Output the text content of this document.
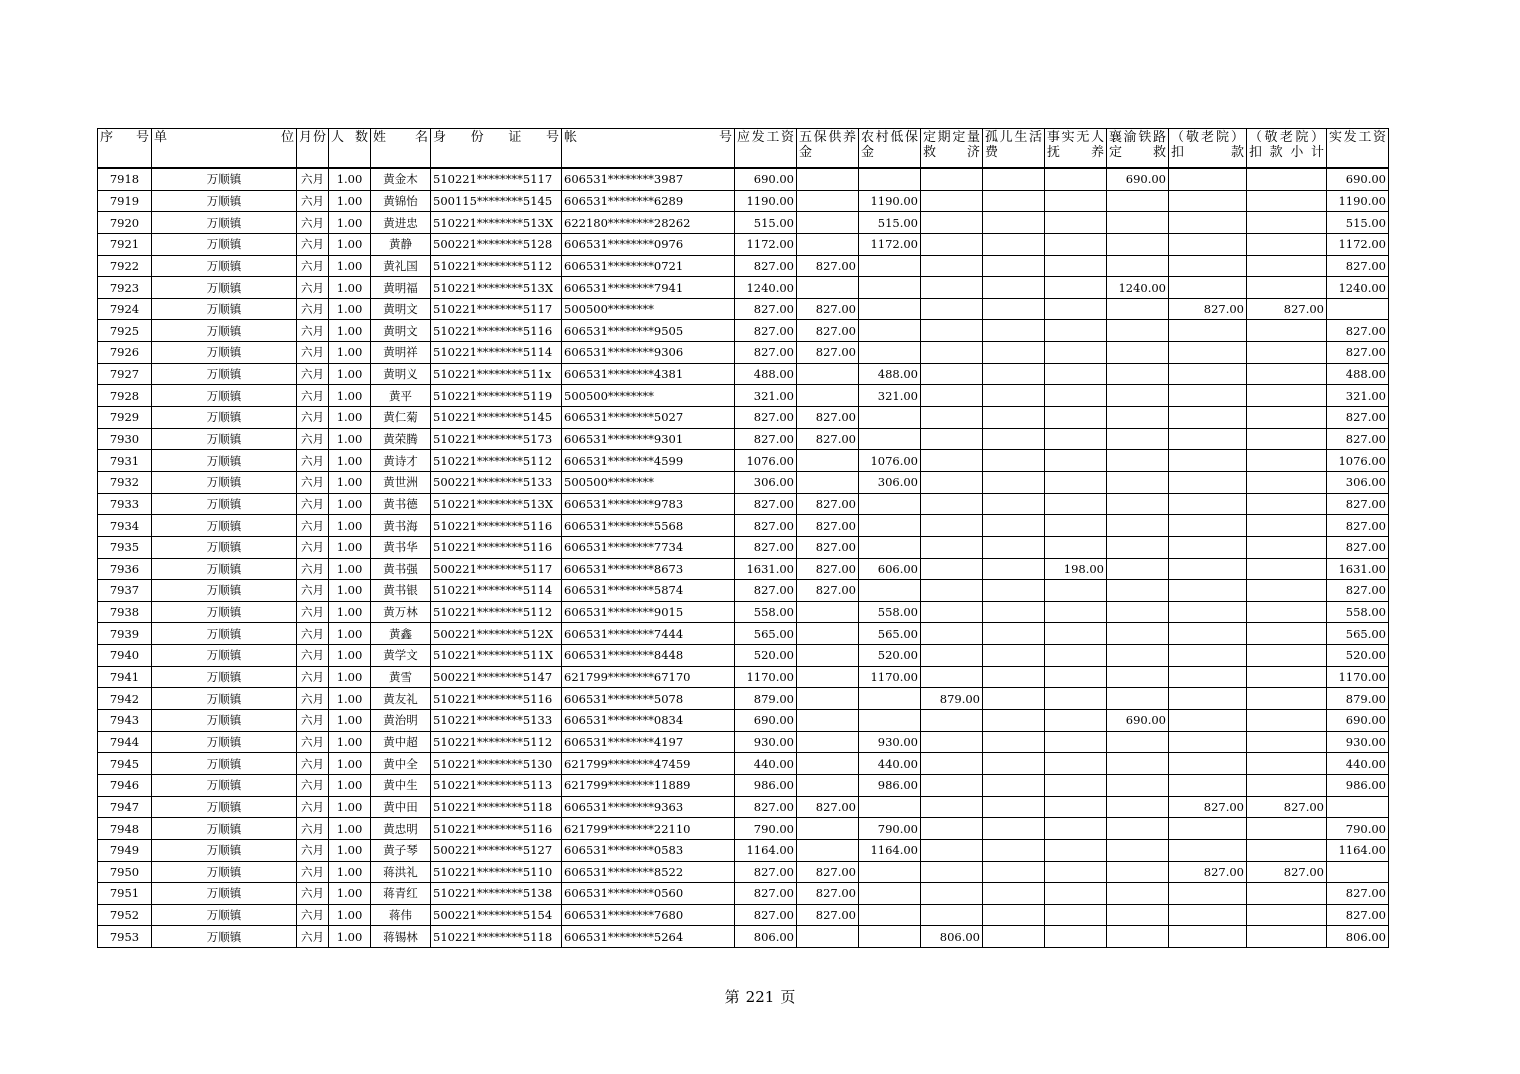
序　号	单　　位	月份	人数	姓　名	身　份　证　号	帐　　号	应发工资	五保供养金	农村低保金	定期定量救济	孤儿生活费	事实无人抚养	襄渝铁路定救	（敬老院）扣款	（敬老院）扣款小计	实发工资
7918	万顺镇	六月	1.00	黄金木	510221********5117	606531********3987	690.00						690.00			690.00
7919	万顺镇	六月	1.00	黄锦怡	500115********5145	606531********6289	1190.00		1190.00							1190.00
7920	万顺镇	六月	1.00	黄进忠	510221********513X	622180********28262	515.00		515.00							515.00
7921	万顺镇	六月	1.00	黄静	500221********5128	606531********0976	1172.00		1172.00							1172.00
7922	万顺镇	六月	1.00	黄礼国	510221********5112	606531********0721	827.00	827.00								827.00
7923	万顺镇	六月	1.00	黄明福	510221********513X	606531********7941	1240.00						1240.00			1240.00
7924	万顺镇	六月	1.00	黄明文	510221********5117	500500********	827.00	827.00						827.00	827.00	
7925	万顺镇	六月	1.00	黄明文	510221********5116	606531********9505	827.00	827.00								827.00
7926	万顺镇	六月	1.00	黄明祥	510221********5114	606531********9306	827.00	827.00								827.00
7927	万顺镇	六月	1.00	黄明义	510221********511x	606531********4381	488.00		488.00							488.00
7928	万顺镇	六月	1.00	黄平	510221********5119	500500********	321.00		321.00							321.00
7929	万顺镇	六月	1.00	黄仁菊	510221********5145	606531********5027	827.00	827.00								827.00
7930	万顺镇	六月	1.00	黄荣腾	510221********5173	606531********9301	827.00	827.00								827.00
7931	万顺镇	六月	1.00	黄诗才	510221********5112	606531********4599	1076.00		1076.00							1076.00
7932	万顺镇	六月	1.00	黄世洲	500221********5133	500500********	306.00		306.00							306.00
7933	万顺镇	六月	1.00	黄书德	510221********513X	606531********9783	827.00	827.00								827.00
7934	万顺镇	六月	1.00	黄书海	510221********5116	606531********5568	827.00	827.00								827.00
7935	万顺镇	六月	1.00	黄书华	510221********5116	606531********7734	827.00	827.00								827.00
7936	万顺镇	六月	1.00	黄书强	500221********5117	606531********8673	1631.00	827.00	606.00			198.00				1631.00
7937	万顺镇	六月	1.00	黄书银	510221********5114	606531********5874	827.00	827.00								827.00
7938	万顺镇	六月	1.00	黄万林	510221********5112	606531********9015	558.00		558.00							558.00
7939	万顺镇	六月	1.00	黄鑫	500221********512X	606531********7444	565.00		565.00							565.00
7940	万顺镇	六月	1.00	黄学文	510221********511X	606531********8448	520.00		520.00							520.00
7941	万顺镇	六月	1.00	黄雪	500221********5147	621799********67170	1170.00		1170.00							1170.00
7942	万顺镇	六月	1.00	黄友礼	510221********5116	606531********5078	879.00			879.00						879.00
7943	万顺镇	六月	1.00	黄治明	510221********5133	606531********0834	690.00						690.00			690.00
7944	万顺镇	六月	1.00	黄中超	510221********5112	606531********4197	930.00		930.00							930.00
7945	万顺镇	六月	1.00	黄中全	510221********5130	621799********47459	440.00		440.00							440.00
7946	万顺镇	六月	1.00	黄中生	510221********5113	621799********11889	986.00		986.00							986.00
7947	万顺镇	六月	1.00	黄中田	510221********5118	606531********9363	827.00	827.00						827.00	827.00	
7948	万顺镇	六月	1.00	黄忠明	510221********5116	621799********22110	790.00		790.00							790.00
7949	万顺镇	六月	1.00	黄子琴	500221********5127	606531********0583	1164.00		1164.00							1164.00
7950	万顺镇	六月	1.00	蒋洪礼	510221********5110	606531********8522	827.00	827.00						827.00	827.00	
7951	万顺镇	六月	1.00	蒋青红	510221********5138	606531********0560	827.00	827.00								827.00
7952	万顺镇	六月	1.00	蒋伟	500221********5154	606531********7680	827.00	827.00								827.00
7953	万顺镇	六月	1.00	蒋锡林	510221********5118	606531********5264	806.00			806.00						806.00
第 221 页
